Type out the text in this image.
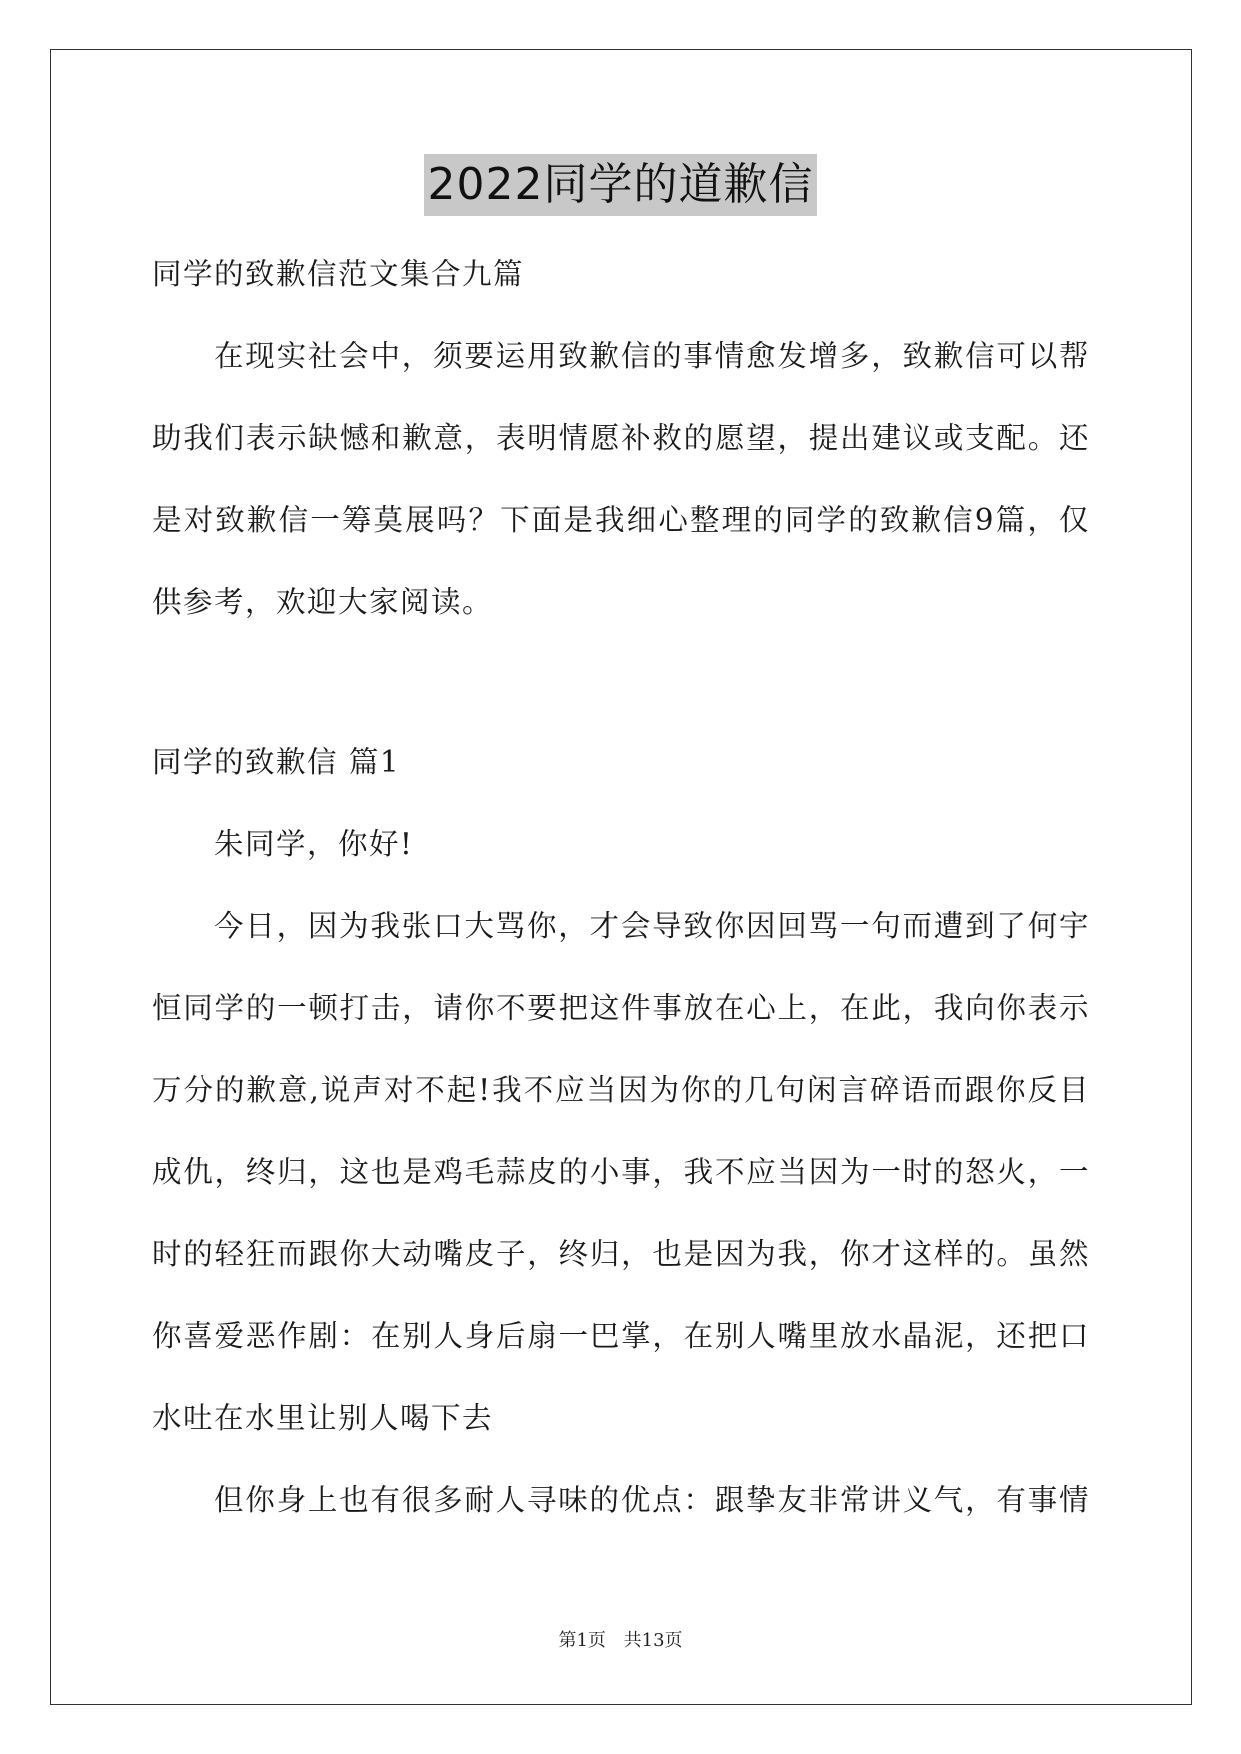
2022同学的道歉信
同学的致歉信范文集合九篇
在现实社会中，须要运用致歉信的事情愈发增多，致歉信可以帮
助我们表示缺憾和歉意，表明情愿补救的愿望，提出建议或支配。还
是对致歉信一筹莫展吗？下面是我细心整理的同学的致歉信9篇，仅
供参考，欢迎大家阅读。
同学的致歉信 篇1
朱同学，你好!
今日，因为我张口大骂你，才会导致你因回骂一句而遭到了何宇
恒同学的一顿打击，请你不要把这件事放在心上，在此，我向你表示
万分的歉意,说声对不起!我不应当因为你的几句闲言碎语而跟你反目
成仇，终归，这也是鸡毛蒜皮的小事，我不应当因为一时的怒火，一
时的轻狂而跟你大动嘴皮子，终归，也是因为我，你才这样的。虽然
你喜爱恶作剧：在别人身后扇一巴掌，在别人嘴里放水晶泥，还把口
水吐在水里让别人喝下去
但你身上也有很多耐人寻味的优点：跟挚友非常讲义气，有事情
第1页 共13页
